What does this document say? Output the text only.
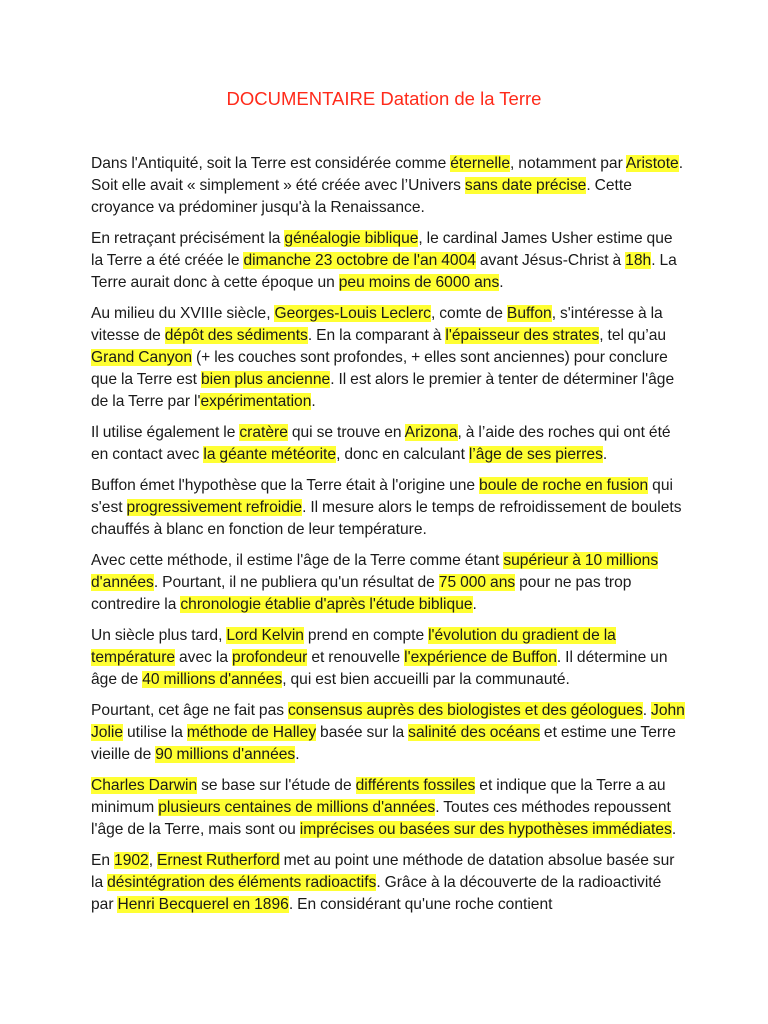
DOCUMENTAIRE Datation de la Terre

Dans l'Antiquité, soit la Terre est considérée comme éternelle, notamment par Aristote. Soit elle avait « simplement » été créée avec l’Univers sans date précise. Cette croyance va prédominer jusqu'à la Renaissance.

En retraçant précisément la généalogie biblique, le cardinal James Usher estime que la Terre a été créée le dimanche 23 octobre de l'an 4004 avant Jésus-Christ à 18h. La Terre aurait donc à cette époque un peu moins de 6000 ans.

Au milieu du XVIIIe siècle, Georges-Louis Leclerc, comte de Buffon, s'intéresse à la vitesse de dépôt des sédiments. En la comparant à l'épaisseur des strates, tel qu’au Grand Canyon (+ les couches sont profondes, + elles sont anciennes) pour conclure que la Terre est bien plus ancienne. Il est alors le premier à tenter de déterminer l'âge de la Terre par l'expérimentation.

Il utilise également le cratère qui se trouve en Arizona, à l’aide des roches qui ont été en contact avec la géante météorite, donc en calculant l’âge de ses pierres.

Buffon émet l'hypothèse que la Terre était à l'origine une boule de roche en fusion qui s'est progressivement refroidie. Il mesure alors le temps de refroidissement de boulets chauffés à blanc en fonction de leur température.

Avec cette méthode, il estime l'âge de la Terre comme étant supérieur à 10 millions d'années. Pourtant, il ne publiera qu'un résultat de 75 000 ans pour ne pas trop contredire la chronologie établie d'après l'étude biblique.

Un siècle plus tard, Lord Kelvin prend en compte l'évolution du gradient de la température avec la profondeur et renouvelle l'expérience de Buffon. Il détermine un âge de 40 millions d'années, qui est bien accueilli par la communauté.

Pourtant, cet âge ne fait pas consensus auprès des biologistes et des géologues. John Jolie utilise la méthode de Halley basée sur la salinité des océans et estime une Terre vieille de 90 millions d'années.

Charles Darwin se base sur l'étude de différents fossiles et indique que la Terre a au minimum plusieurs centaines de millions d'années. Toutes ces méthodes repoussent l'âge de la Terre, mais sont ou imprécises ou basées sur des hypothèses immédiates.

En 1902, Ernest Rutherford met au point une méthode de datation absolue basée sur la désintégration des éléments radioactifs. Grâce à la découverte de la radioactivité par Henri Becquerel en 1896. En considérant qu'une roche contient
